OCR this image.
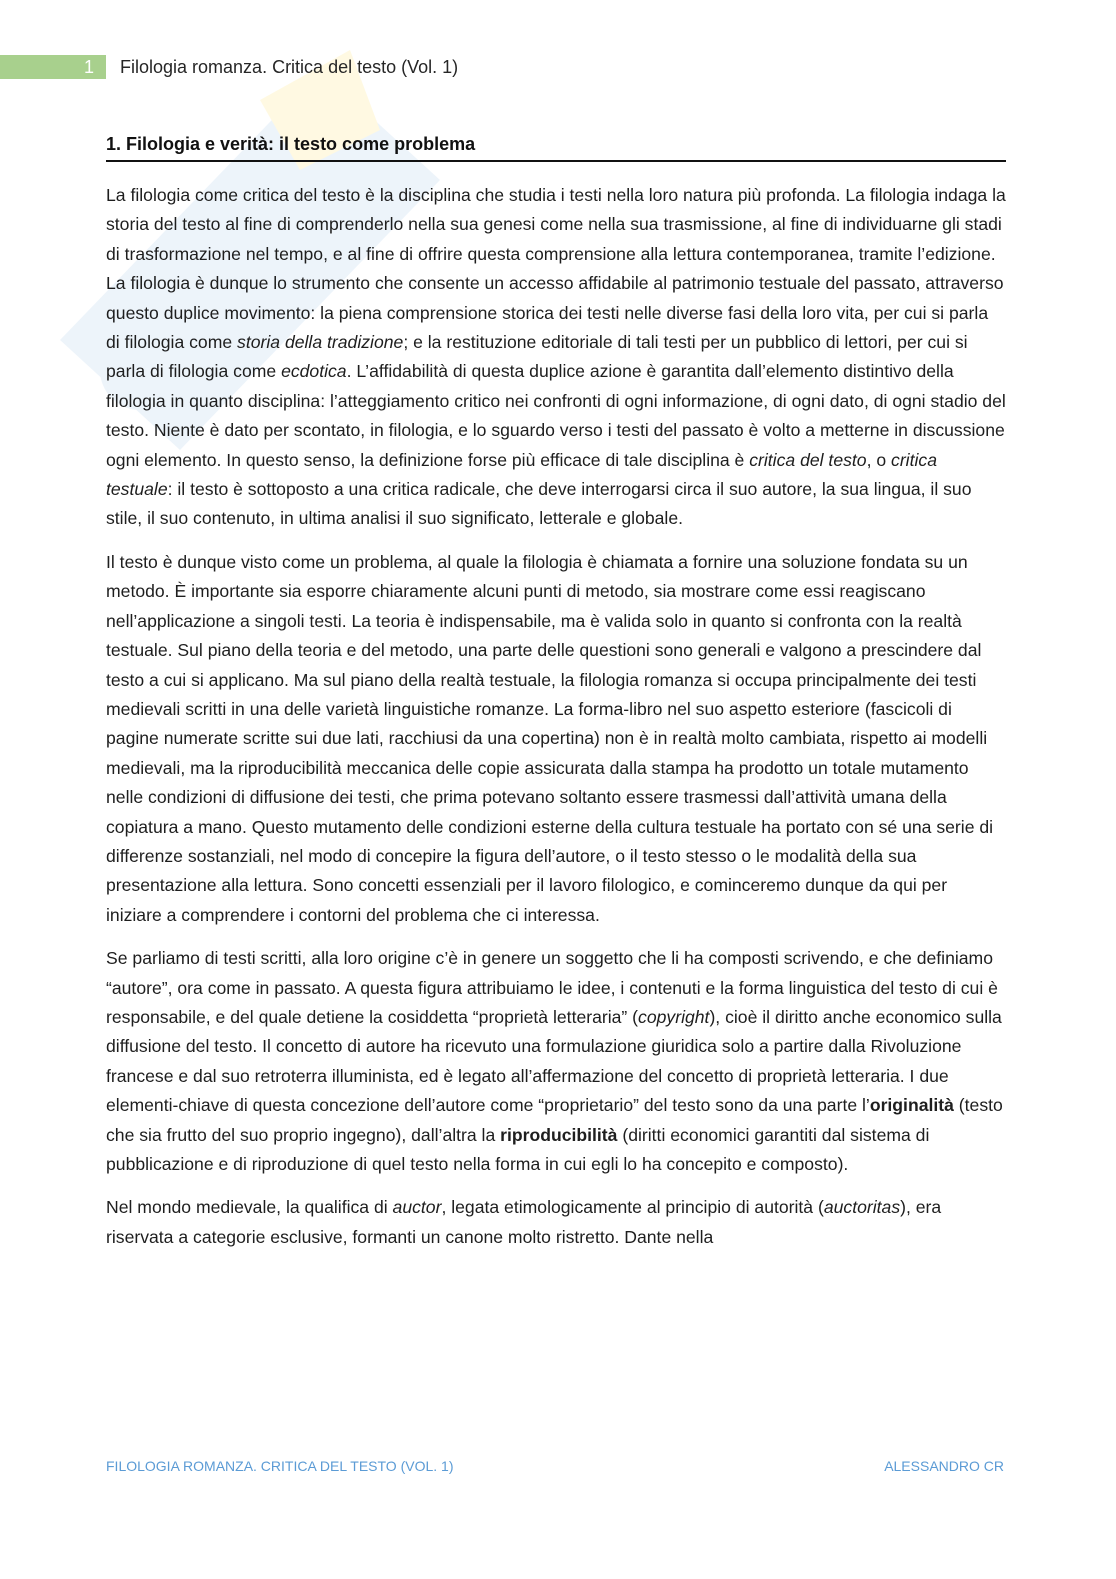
1	Filologia romanza. Critica del testo (Vol. 1)
1. Filologia e verità: il testo come problema

La filologia come critica del testo è la disciplina che studia i testi nella loro natura più profonda. La filologia indaga la storia del testo al fine di comprenderlo nella sua genesi come nella sua trasmissione, al fine di individuarne gli stadi di trasformazione nel tempo, e al fine di offrire questa comprensione alla lettura contemporanea, tramite l’edizione. La filologia è dunque lo strumento che consente un accesso affidabile al patrimonio testuale del passato, attraverso questo duplice movimento: la piena comprensione storica dei testi nelle diverse fasi della loro vita, per cui si parla di filologia come storia della tradizione; e la restituzione editoriale di tali testi per un pubblico di lettori, per cui si parla di filologia come ecdotica. L’affidabilità di questa duplice azione è garantita dall’elemento distintivo della filologia in quanto disciplina: l’atteggiamento critico nei confronti di ogni informazione, di ogni dato, di ogni stadio del testo. Niente è dato per scontato, in filologia, e lo sguardo verso i testi del passato è volto a metterne in discussione ogni elemento. In questo senso, la definizione forse più efficace di tale disciplina è critica del testo, o critica testuale: il testo è sottoposto a una critica radicale, che deve interrogarsi circa il suo autore, la sua lingua, il suo stile, il suo contenuto, in ultima analisi il suo significato, letterale e globale.

Il testo è dunque visto come un problema, al quale la filologia è chiamata a fornire una soluzione fondata su un metodo. È importante sia esporre chiaramente alcuni punti di metodo, sia mostrare come essi reagiscano nell’applicazione a singoli testi. La teoria è indispensabile, ma è valida solo in quanto si confronta con la realtà testuale. Sul piano della teoria e del metodo, una parte delle questioni sono generali e valgono a prescindere dal testo a cui si applicano. Ma sul piano della realtà testuale, la filologia romanza si occupa principalmente dei testi medievali scritti in una delle varietà linguistiche romanze. La forma-libro nel suo aspetto esteriore (fascicoli di pagine numerate scritte sui due lati, racchiusi da una copertina) non è in realtà molto cambiata, rispetto ai modelli medievali, ma la riproducibilità meccanica delle copie assicurata dalla stampa ha prodotto un totale mutamento nelle condizioni di diffusione dei testi, che prima potevano soltanto essere trasmessi dall’attività umana della copiatura a mano. Questo mutamento delle condizioni esterne della cultura testuale ha portato con sé una serie di differenze sostanziali, nel modo di concepire la figura dell’autore, o il testo stesso o le modalità della sua presentazione alla lettura. Sono concetti essenziali per il lavoro filologico, e cominceremo dunque da qui per iniziare a comprendere i contorni del problema che ci interessa.

Se parliamo di testi scritti, alla loro origine c’è in genere un soggetto che li ha composti scrivendo, e che definiamo “autore”, ora come in passato. A questa figura attribuiamo le idee, i contenuti e la forma linguistica del testo di cui è responsabile, e del quale detiene la cosiddetta “proprietà letteraria” (copyright), cioè il diritto anche economico sulla diffusione del testo. Il concetto di autore ha ricevuto una formulazione giuridica solo a partire dalla Rivoluzione francese e dal suo retroterra illuminista, ed è legato all’affermazione del concetto di proprietà letteraria. I due elementi-chiave di questa concezione dell’autore come “proprietario” del testo sono da una parte l’originalità (testo che sia frutto del suo proprio ingegno), dall’altra la riproducibilità (diritti economici garantiti dal sistema di pubblicazione e di riproduzione di quel testo nella forma in cui egli lo ha concepito e composto).

Nel mondo medievale, la qualifica di auctor, legata etimologicamente al principio di autorità (auctoritas), era riservata a categorie esclusive, formanti un canone molto ristretto. Dante nella

FILOLOGIA ROMANZA. CRITICA DEL TESTO (VOL. 1)	ALESSANDRO CR
